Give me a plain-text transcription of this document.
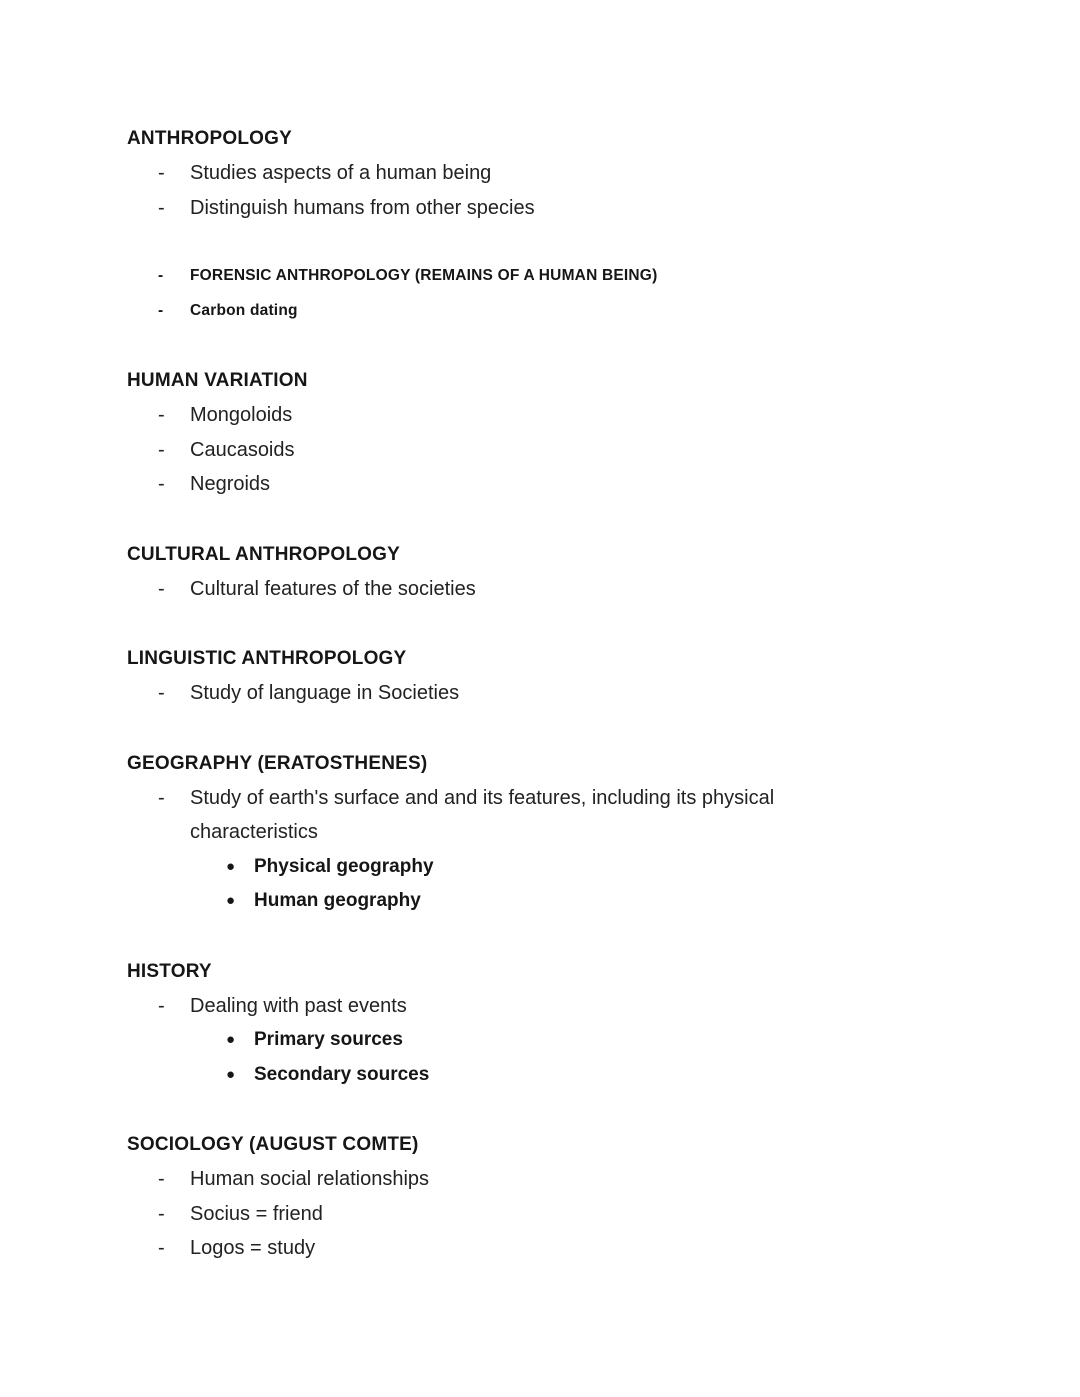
ANTHROPOLOGY
-	Studies aspects of a human being
-	Distinguish humans from other species
-	FORENSIC ANTHROPOLOGY (REMAINS OF A HUMAN BEING)
-	Carbon dating
HUMAN VARIATION
-	Mongoloids
-	Caucasoids
-	Negroids
CULTURAL ANTHROPOLOGY
-	Cultural features of the societies
LINGUISTIC ANTHROPOLOGY
-	Study of language in Societies
GEOGRAPHY (ERATOSTHENES)
-	Study of earth's surface and and its features, including its physical characteristics
● Physical geography
● Human geography
HISTORY
-	Dealing with past events
● Primary sources
● Secondary sources
SOCIOLOGY (AUGUST COMTE)
-	Human social relationships
-	Socius = friend
-	Logos = study
